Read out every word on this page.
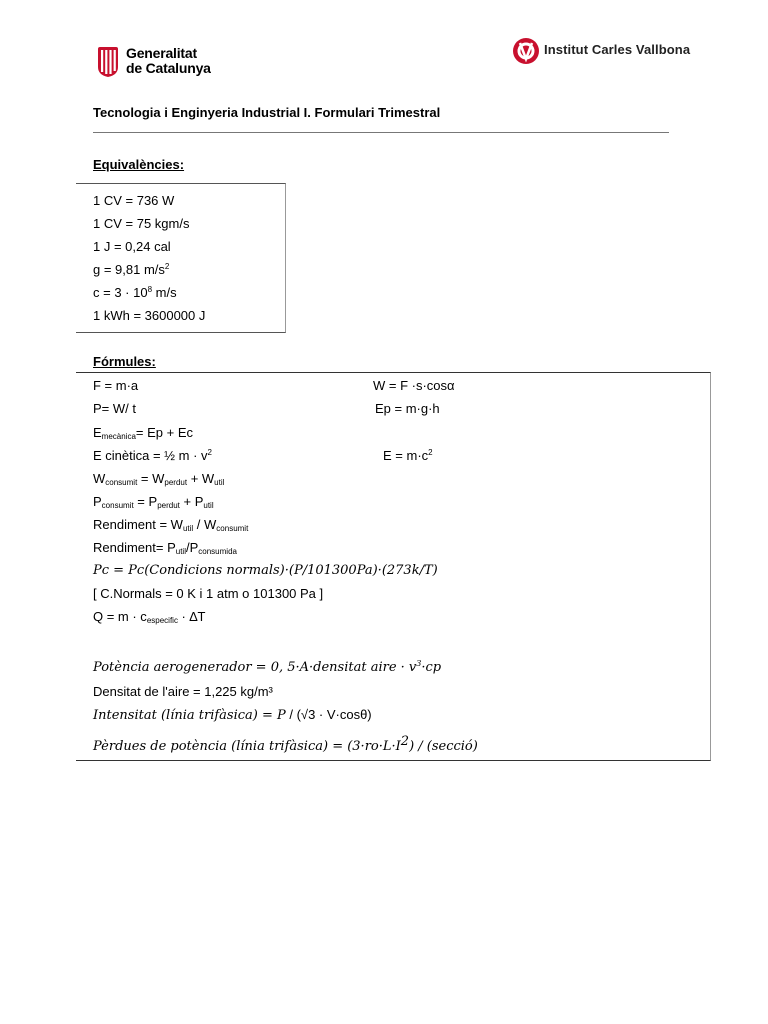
Generalitat
de Catalunya
Institut Carles Vallbona
Tecnologia i Enginyeria Industrial I. Formulari Trimestral
Equivalències:
1 CV = 736 W
1 CV = 75 kgm/s
1 J = 0,24 cal
g = 9,81 $m/s^2$
$c = 3 \cdot 10^8$ m/s
1 kWh = 3600000 J
Fórmules:
F = m·a	W = F ·s·cosα
P= W/ t	Ep = m·g·h
$E_{mecànica}= Ep + Ec$
E cinètica = ½ $m \cdot v^2$	$E = m\cdot c^2$
$W_{consumit} = W_{perdut} + W_{util}$
$P_{consumit} = P_{perdut} + P_{util}$
Rendiment = $W_{util} / W_{consumit}$
Rendiment= $P_{util}/P_{consumida}$
Pc = Pc(Condicions normals)·(P/101300Pa)·(273k/T)
[ C.Normals = 0 K i 1 atm o 101300 Pa ]
$Q = m \cdot c_{especific} \cdot \Delta T$
Potència aerogenerador = 0, 5·A·densitat aire · $v^3\cdot cp$
Densitat de l'aire = 1,225 kg/m³
Intensitat (línia trifàsica) = P / (√3 · V·cosθ)
Pèrdues de potència (línia trifàsica) = $(3\cdot ro\cdot L\cdot I^2)$ / (secció)
